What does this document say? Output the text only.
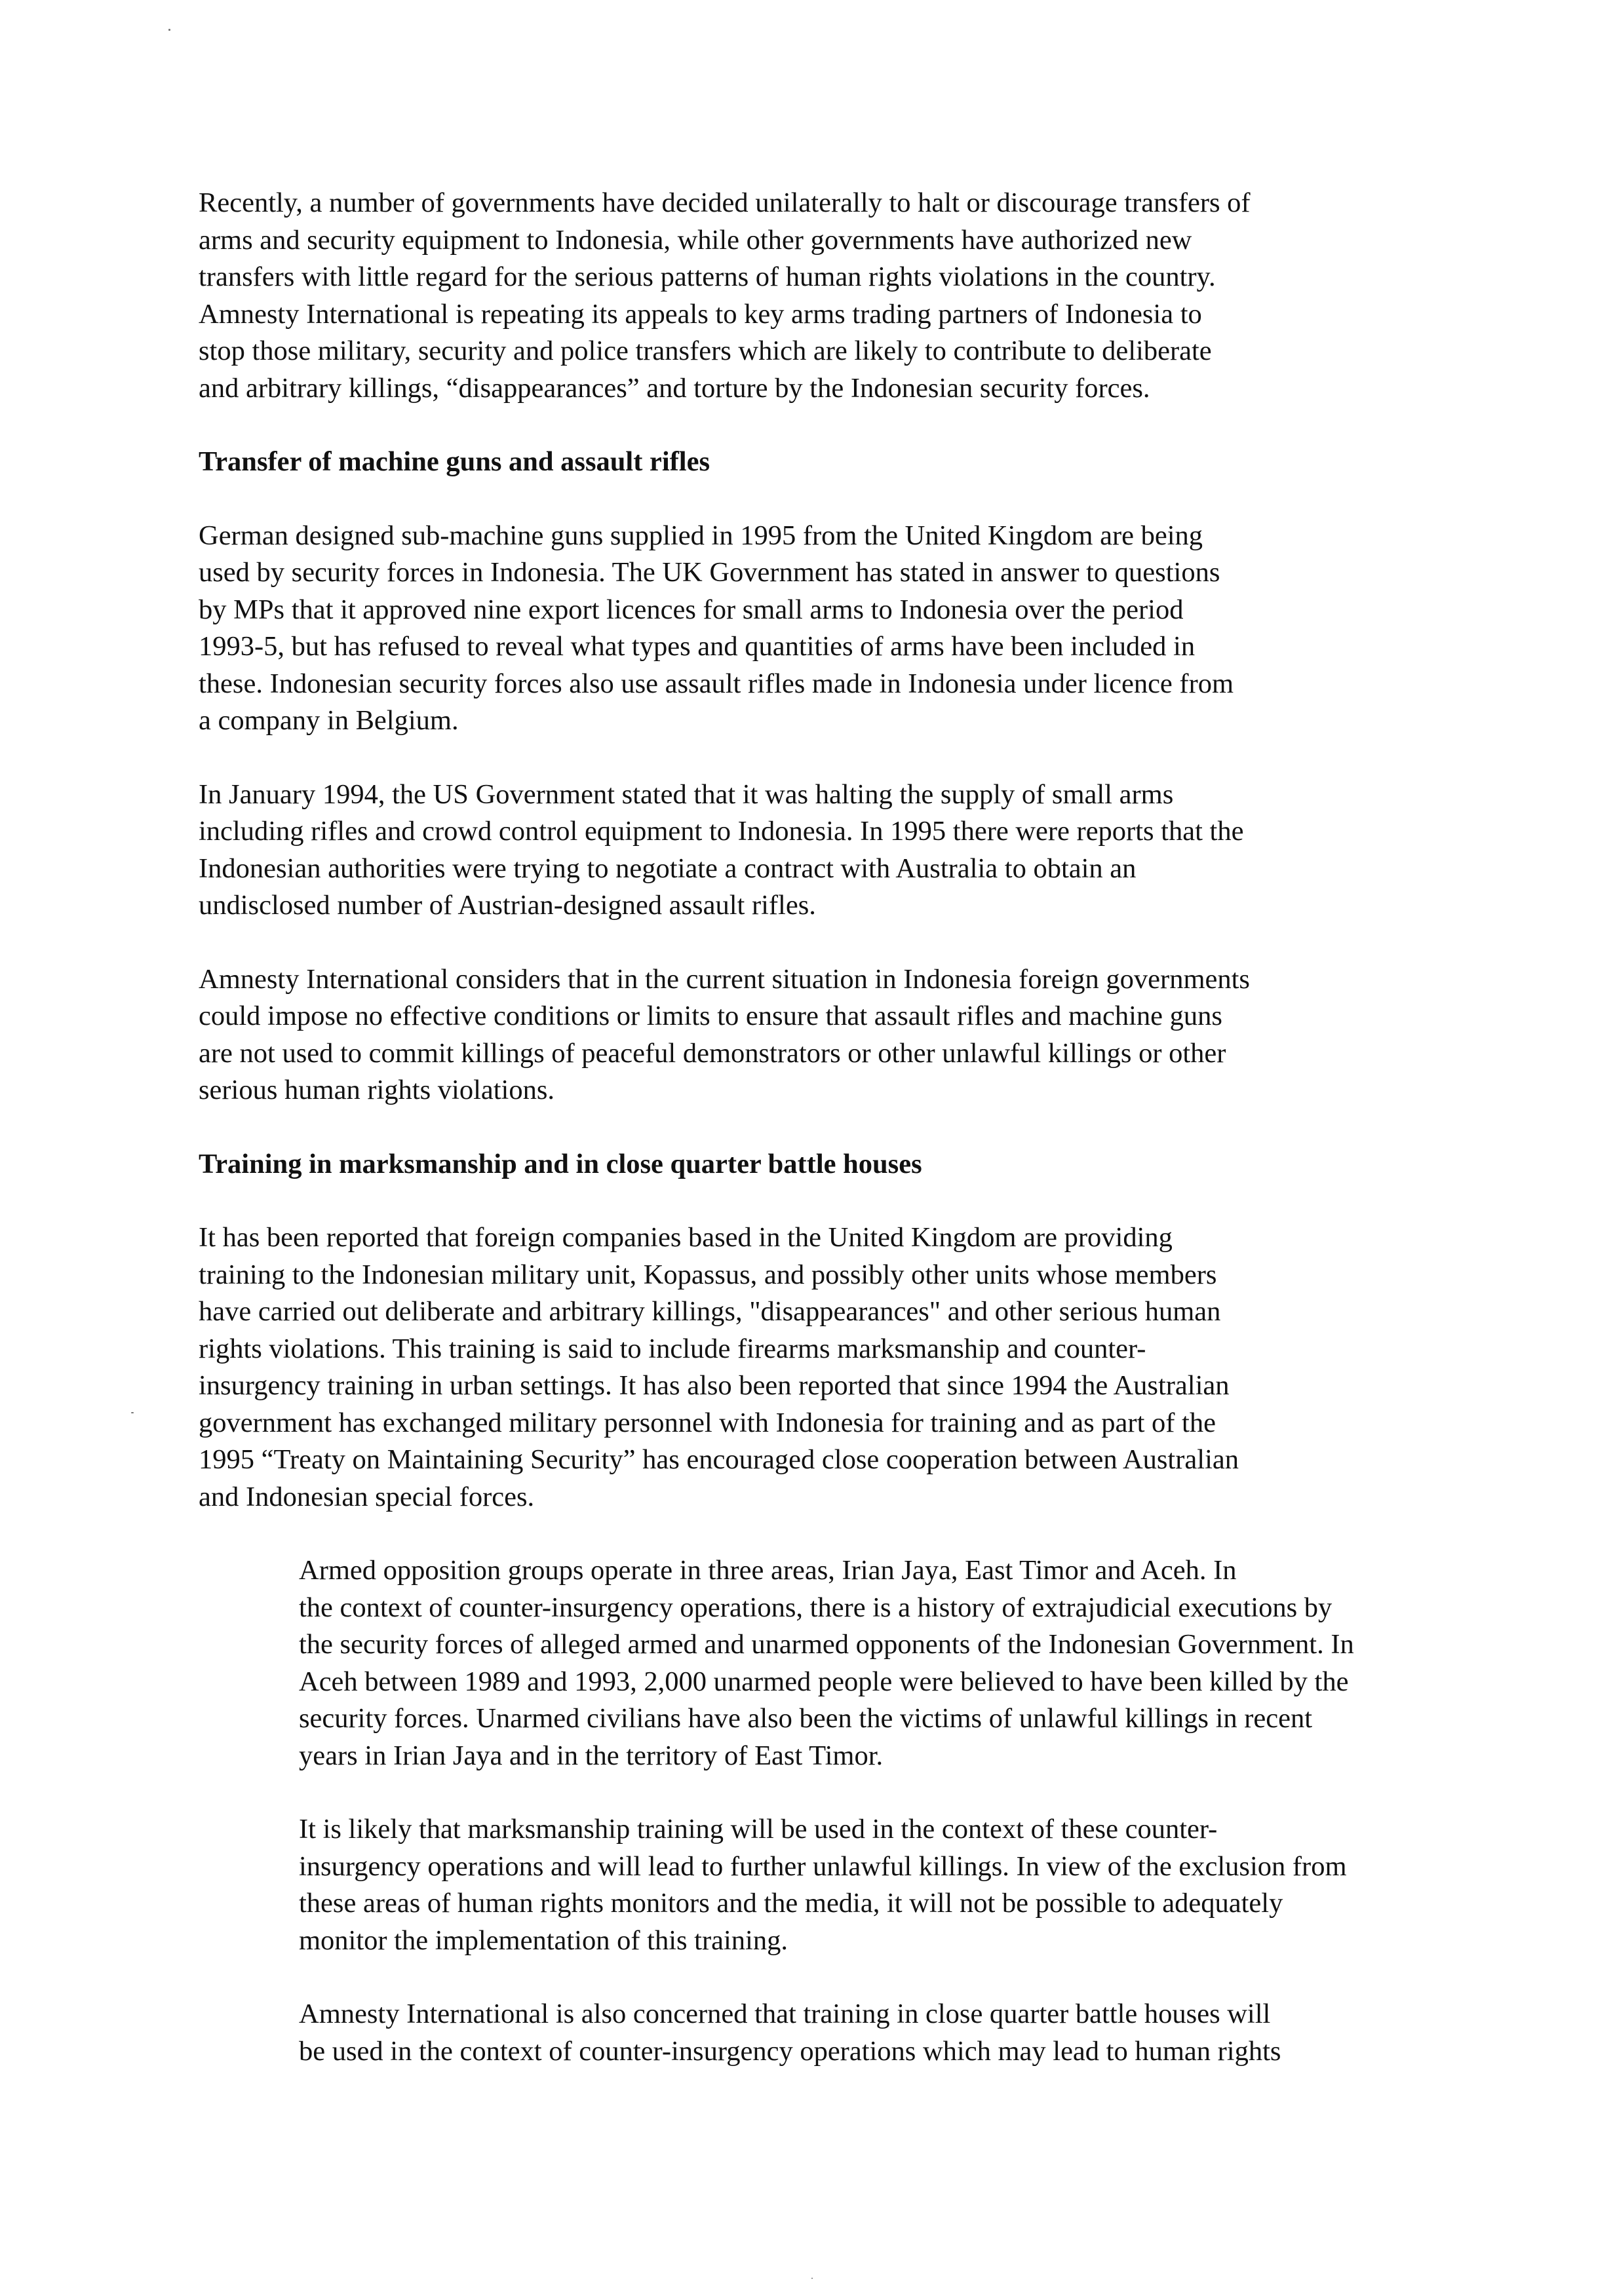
Recently, a number of governments have decided unilaterally to halt or discourage transfers of
arms and security equipment to Indonesia, while other governments have authorized new
transfers with little regard for the serious patterns of human rights violations in the country.
Amnesty International is repeating its appeals to key arms trading partners of Indonesia to
stop those military, security and police transfers which are likely to contribute to deliberate
and arbitrary killings, “disappearances” and torture by the Indonesian security forces.
Transfer of machine guns and assault rifles
German designed sub-machine guns supplied in 1995 from the United Kingdom are being
used by security forces in Indonesia. The UK Government has stated in answer to questions
by MPs that it approved nine export licences for small arms to Indonesia over the period
1993-5, but has refused to reveal what types and quantities of arms have been included in
these. Indonesian security forces also use assault rifles made in Indonesia under licence from
a company in Belgium.
In January 1994, the US Government stated that it was halting the supply of small arms
including rifles and crowd control equipment to Indonesia. In 1995 there were reports that the
Indonesian authorities were trying to negotiate a contract with Australia to obtain an
undisclosed number of Austrian-designed assault rifles.
Amnesty International considers that in the current situation in Indonesia foreign governments
could impose no effective conditions or limits to ensure that assault rifles and machine guns
are not used to commit killings of peaceful demonstrators or other unlawful killings or other
serious human rights violations.
Training in marksmanship and in close quarter battle houses
It has been reported that foreign companies based in the United Kingdom are providing
training to the Indonesian military unit, Kopassus, and possibly other units whose members
have carried out deliberate and arbitrary killings, "disappearances" and other serious human
rights violations. This training is said to include firearms marksmanship and counter-
insurgency training in urban settings. It has also been reported that since 1994 the Australian
government has exchanged military personnel with Indonesia for training and as part of the
1995 “Treaty on Maintaining Security” has encouraged close cooperation between Australian
and Indonesian special forces.
Armed opposition groups operate in three areas, Irian Jaya, East Timor and Aceh. In
the context of counter-insurgency operations, there is a history of extrajudicial executions by
the security forces of alleged armed and unarmed opponents of the Indonesian Government. In
Aceh between 1989 and 1993, 2,000 unarmed people were believed to have been killed by the
security forces. Unarmed civilians have also been the victims of unlawful killings in recent
years in Irian Jaya and in the territory of East Timor.
It is likely that marksmanship training will be used in the context of these counter-
insurgency operations and will lead to further unlawful killings. In view of the exclusion from
these areas of human rights monitors and the media, it will not be possible to adequately
monitor the implementation of this training.
Amnesty International is also concerned that training in close quarter battle houses will
be used in the context of counter-insurgency operations which may lead to human rights
